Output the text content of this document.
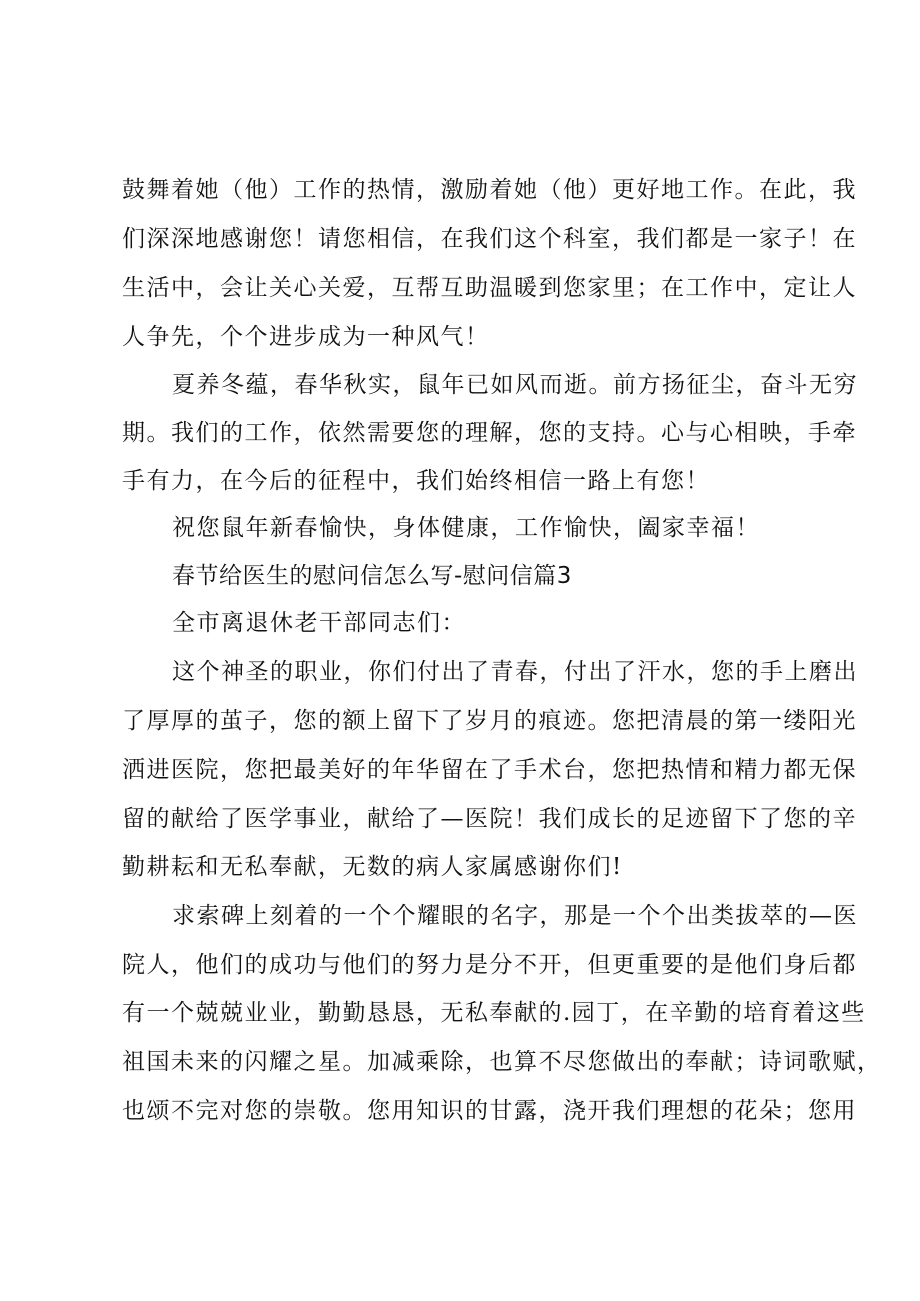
鼓舞着她（他）工作的热情，激励着她（他）更好地工作。在此，我
们深深地感谢您！请您相信，在我们这个科室，我们都是一家子！在
生活中，会让关心关爱，互帮互助温暖到您家里；在工作中，定让人
人争先，个个进步成为一种风气！
夏养冬蕴，春华秋实，鼠年已如风而逝。前方扬征尘，奋斗无穷
期。我们的工作，依然需要您的理解，您的支持。心与心相映，手牵
手有力，在今后的征程中，我们始终相信一路上有您！
祝您鼠年新春愉快，身体健康，工作愉快，阖家幸福！
春节给医生的慰问信怎么写-慰问信篇3
全市离退休老干部同志们：
这个神圣的职业，你们付出了青春，付出了汗水，您的手上磨出
了厚厚的茧子，您的额上留下了岁月的痕迹。您把清晨的第一缕阳光
洒进医院，您把最美好的年华留在了手术台，您把热情和精力都无保
留的献给了医学事业，献给了—医院！我们成长的足迹留下了您的辛
勤耕耘和无私奉献，无数的病人家属感谢你们!
求索碑上刻着的一个个耀眼的名字，那是一个个出类拔萃的—医
院人，他们的成功与他们的努力是分不开，但更重要的是他们身后都
有一个兢兢业业，勤勤恳恳，无私奉献的.园丁，在辛勤的培育着这些
祖国未来的闪耀之星。加减乘除，也算不尽您做出的奉献；诗词歌赋，
也颂不完对您的崇敬。您用知识的甘露，浇开我们理想的花朵；您用
